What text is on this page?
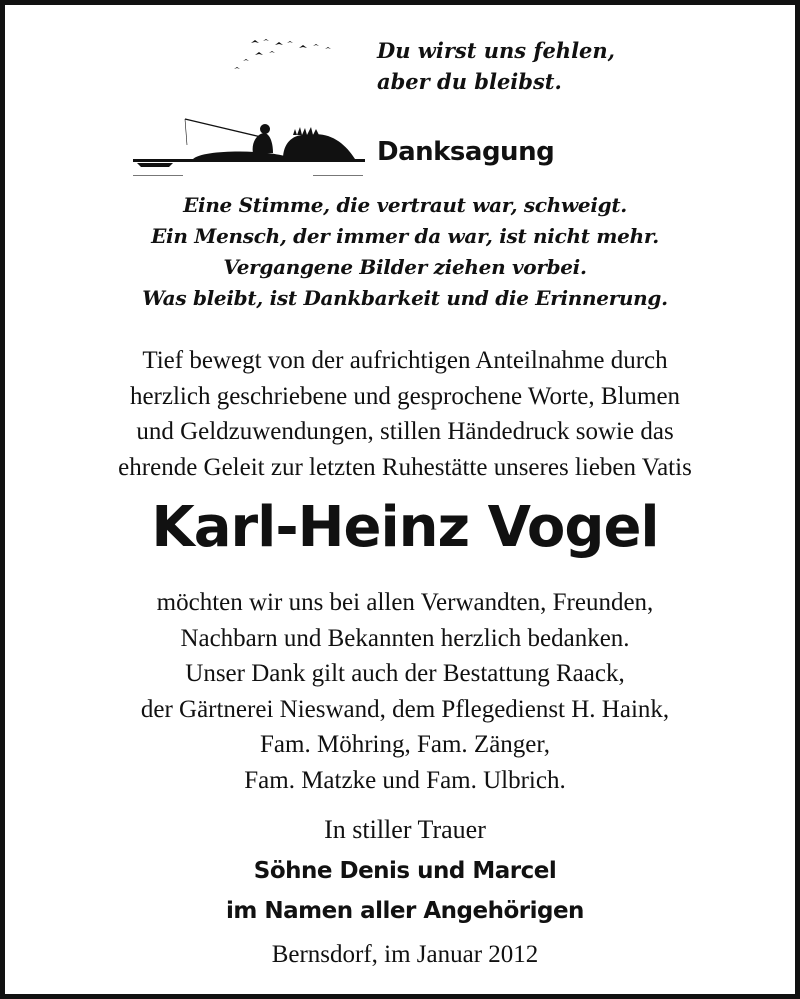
Du wirst uns fehlen,
aber du bleibst.
Danksagung
Eine Stimme, die vertraut war, schweigt.
Ein Mensch, der immer da war, ist nicht mehr.
Vergangene Bilder ziehen vorbei.
Was bleibt, ist Dankbarkeit und die Erinnerung.
Tief bewegt von der aufrichtigen Anteilnahme durch
herzlich geschriebene und gesprochene Worte, Blumen
und Geldzuwendungen, stillen Händedruck sowie das
ehrende Geleit zur letzten Ruhestätte unseres lieben Vatis
Karl-Heinz Vogel
möchten wir uns bei allen Verwandten, Freunden,
Nachbarn und Bekannten herzlich bedanken.
Unser Dank gilt auch der Bestattung Raack,
der Gärtnerei Nieswand, dem Pflegedienst H. Haink,
Fam. Möhring, Fam. Zänger,
Fam. Matzke und Fam. Ulbrich.
In stiller Trauer
Söhne Denis und Marcel
im Namen aller Angehörigen
Bernsdorf, im Januar 2012
